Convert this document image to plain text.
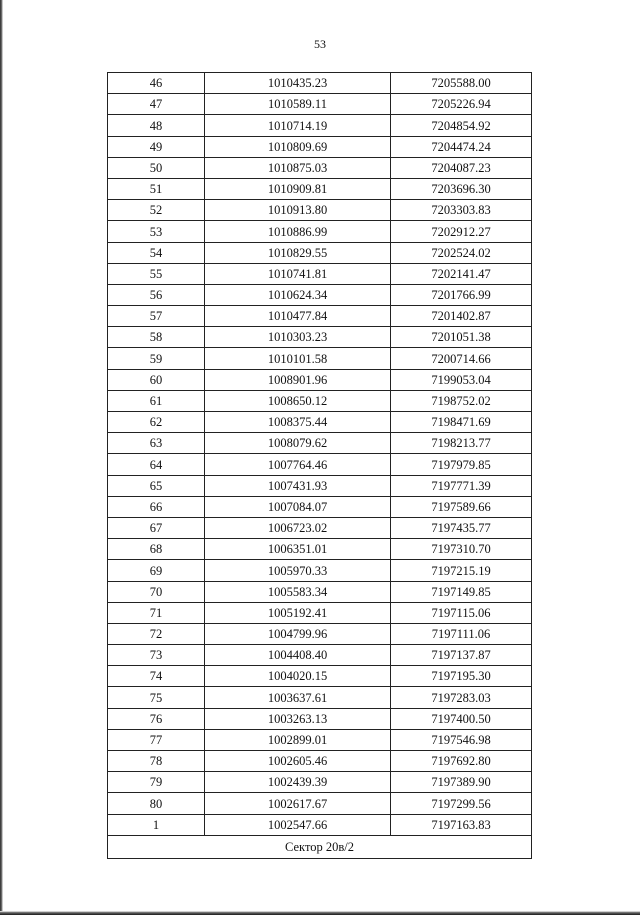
53
46	1010435.23	7205588.00
47	1010589.11	7205226.94
48	1010714.19	7204854.92
49	1010809.69	7204474.24
50	1010875.03	7204087.23
51	1010909.81	7203696.30
52	1010913.80	7203303.83
53	1010886.99	7202912.27
54	1010829.55	7202524.02
55	1010741.81	7202141.47
56	1010624.34	7201766.99
57	1010477.84	7201402.87
58	1010303.23	7201051.38
59	1010101.58	7200714.66
60	1008901.96	7199053.04
61	1008650.12	7198752.02
62	1008375.44	7198471.69
63	1008079.62	7198213.77
64	1007764.46	7197979.85
65	1007431.93	7197771.39
66	1007084.07	7197589.66
67	1006723.02	7197435.77
68	1006351.01	7197310.70
69	1005970.33	7197215.19
70	1005583.34	7197149.85
71	1005192.41	7197115.06
72	1004799.96	7197111.06
73	1004408.40	7197137.87
74	1004020.15	7197195.30
75	1003637.61	7197283.03
76	1003263.13	7197400.50
77	1002899.01	7197546.98
78	1002605.46	7197692.80
79	1002439.39	7197389.90
80	1002617.67	7197299.56
1	1002547.66	7197163.83
Сектор 20в/2		
